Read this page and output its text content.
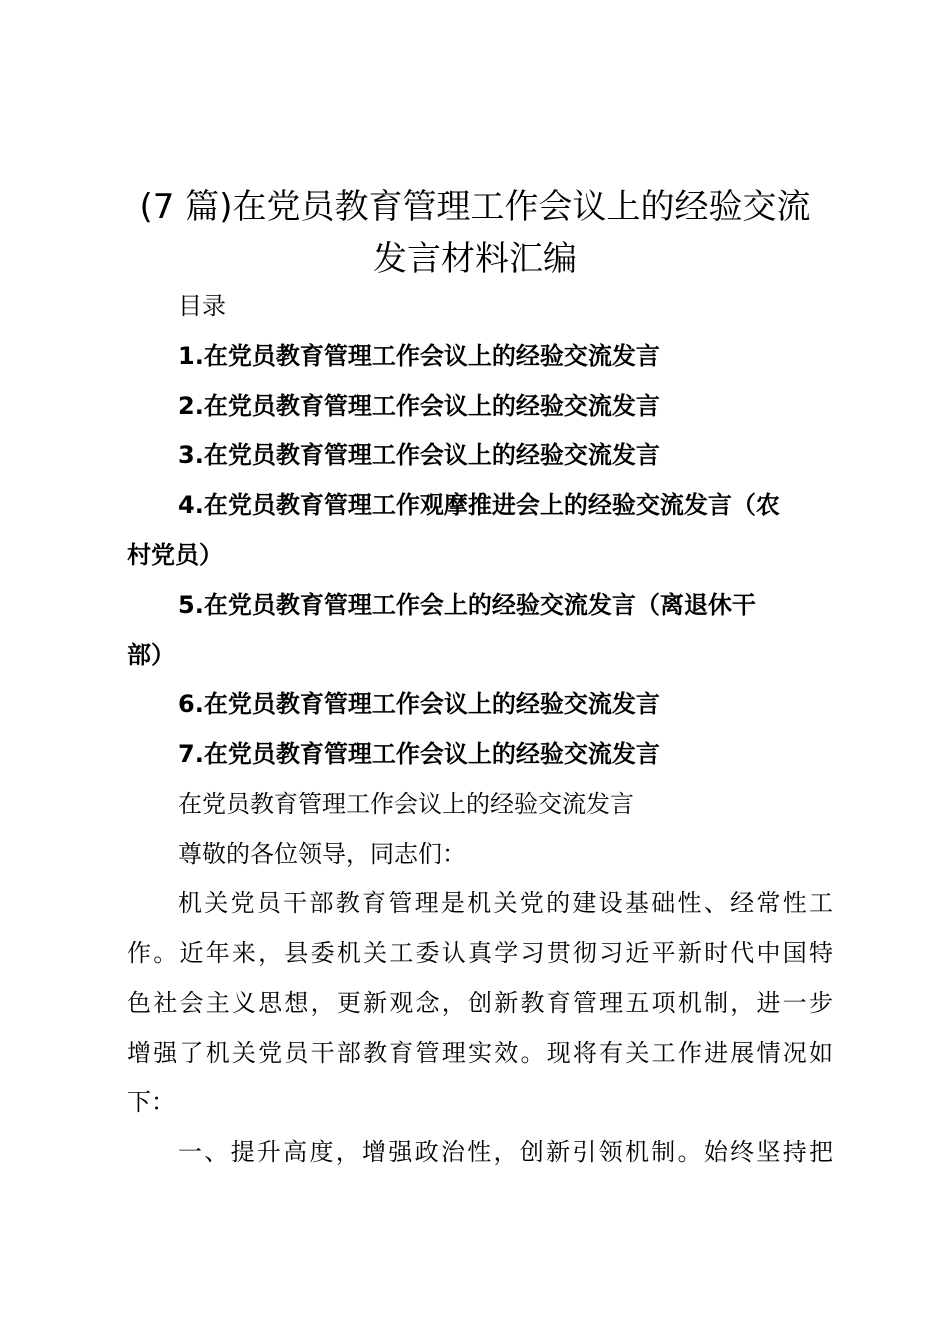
(7 篇)在党员教育管理工作会议上的经验交流
发言材料汇编
目录
1.在党员教育管理工作会议上的经验交流发言
2.在党员教育管理工作会议上的经验交流发言
3.在党员教育管理工作会议上的经验交流发言
4.在党员教育管理工作观摩推进会上的经验交流发言（农
村党员）
5.在党员教育管理工作会上的经验交流发言（离退休干
部）
6.在党员教育管理工作会议上的经验交流发言
7.在党员教育管理工作会议上的经验交流发言
在党员教育管理工作会议上的经验交流发言
尊敬的各位领导，同志们：
机关党员干部教育管理是机关党的建设基础性、经常性工
作。近年来，县委机关工委认真学习贯彻习近平新时代中国特
色社会主义思想，更新观念，创新教育管理五项机制，进一步
增强了机关党员干部教育管理实效。现将有关工作进展情况如
下：
一、提升高度，增强政治性，创新引领机制。始终坚持把
